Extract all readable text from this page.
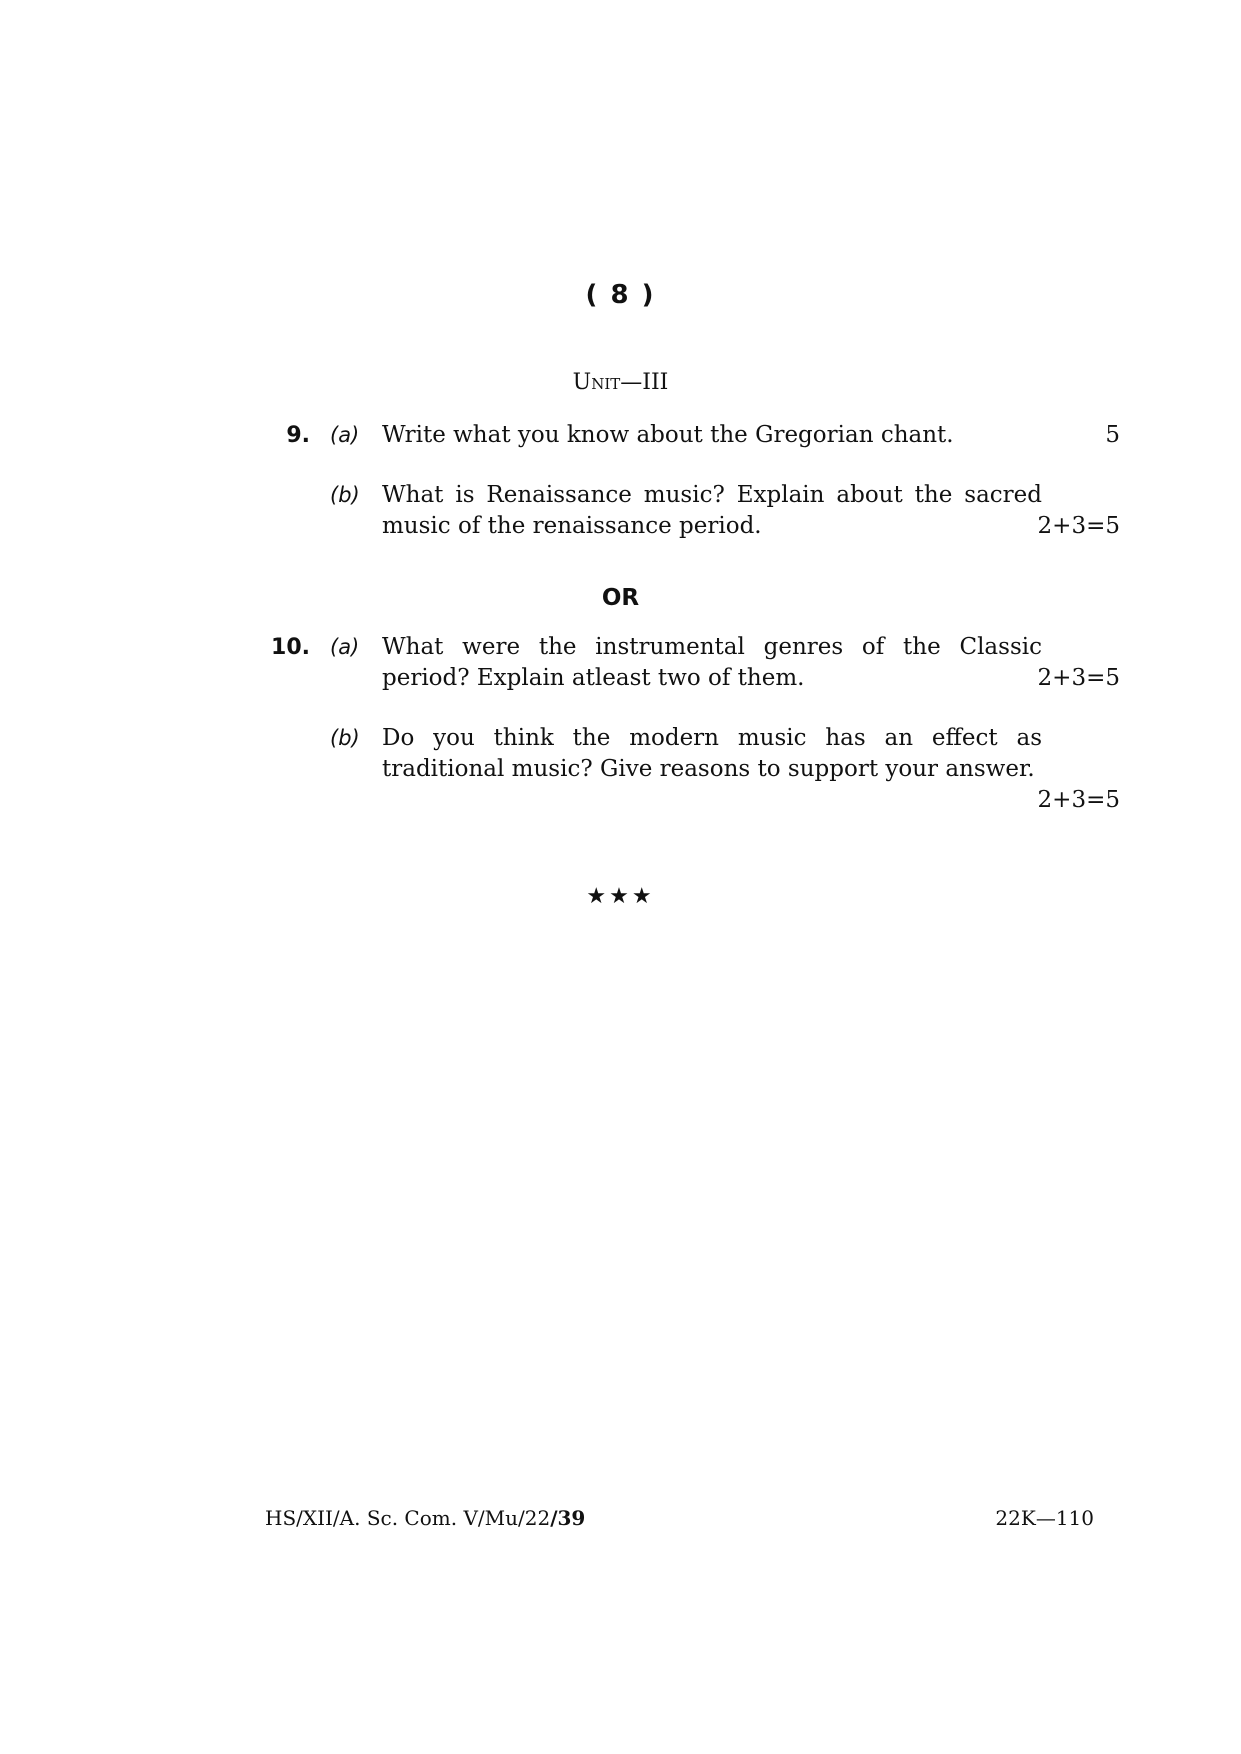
( 8 )
Unit—III
9. (a) Write what you know about the Gregorian chant.	5
(b) What is Renaissance music? Explain about the sacred music of the renaissance period.	2+3=5
OR
10. (a) What were the instrumental genres of the Classic period? Explain atleast two of them.	2+3=5
(b) Do you think the modern music has an effect as traditional music? Give reasons to support your answer.
2+3=5
★★★
HS/XII/A. Sc. Com. V/Mu/22/39	22K—110
